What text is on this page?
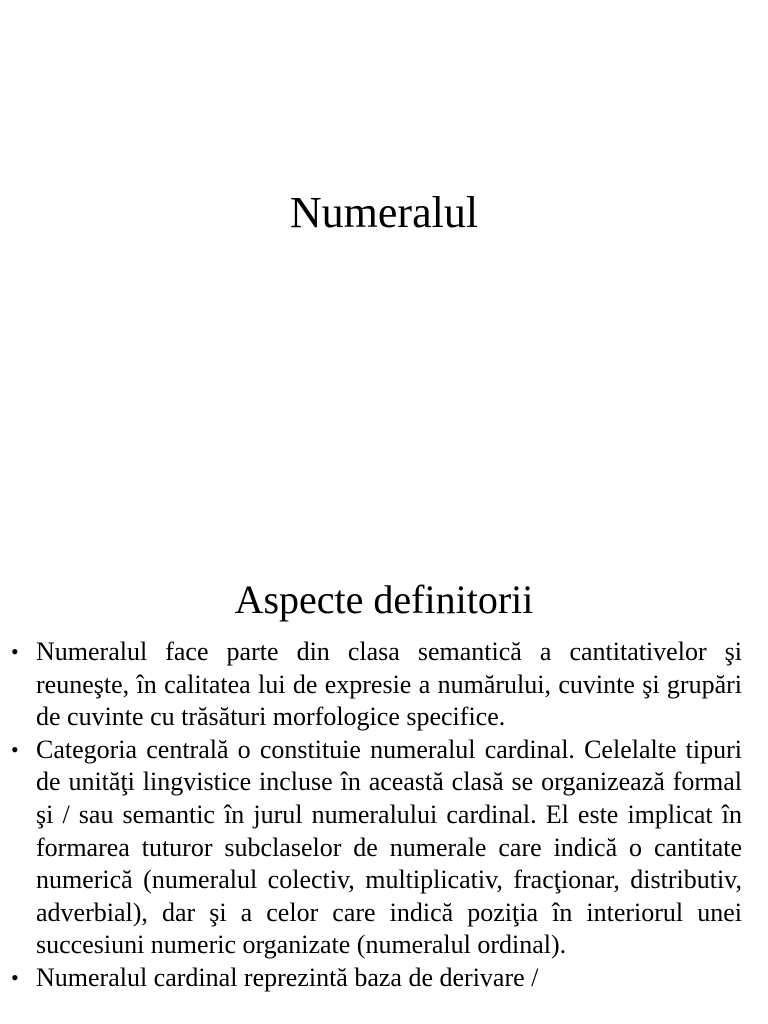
Numeralul
Aspecte definitorii
• Numeralul face parte din clasa semantică a cantitativelor şi reuneşte, în calitatea lui de expresie a numărului, cuvinte şi grupări de cuvinte cu trăsături morfologice specifice.
• Categoria centrală o constituie numeralul cardinal. Celelalte tipuri de unităţi lingvistice incluse în această clasă se organizează formal şi / sau semantic în jurul numeralului cardinal. El este implicat în formarea tuturor subclaselor de numerale care indică o cantitate numerică (numeralul colectiv, multiplicativ, fracţionar, distributiv, adverbial), dar şi a celor care indică poziţia în interiorul unei succesiuni numeric organizate (numeralul ordinal).
• Numeralul cardinal reprezintă baza de derivare /
